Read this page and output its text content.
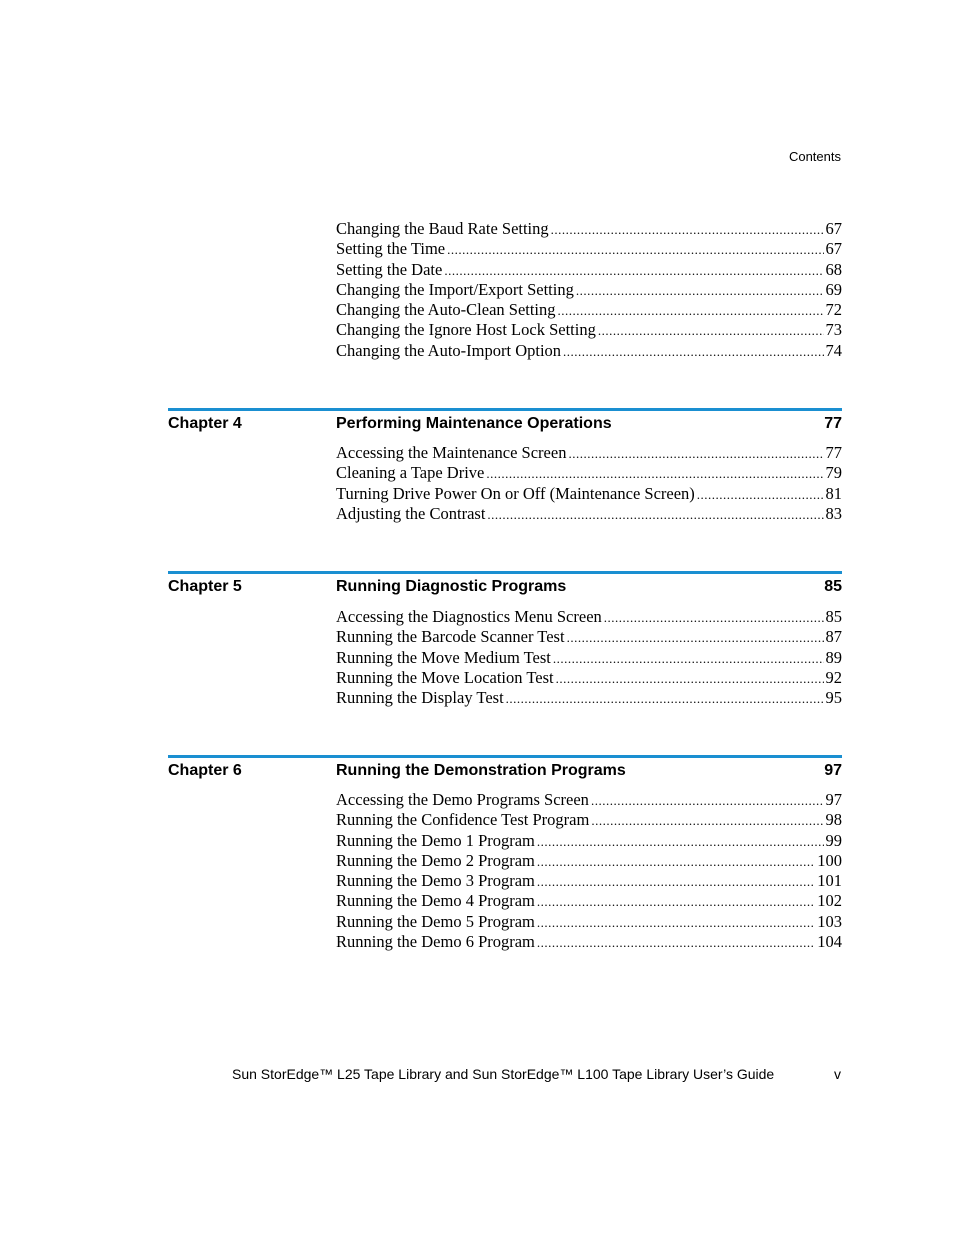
Contents
Changing the Baud Rate Setting .....	67
Setting the Time .....	67
Setting the Date .....	68
Changing the Import/Export Setting .....	69
Changing the Auto-Clean Setting .....	72
Changing the Ignore Host Lock Setting .....	73
Changing the Auto-Import Option .....	74
Chapter 4	Performing Maintenance Operations	77
Accessing the Maintenance Screen .....	77
Cleaning a Tape Drive .....	79
Turning Drive Power On or Off (Maintenance Screen) .....	81
Adjusting the Contrast .....	83
Chapter 5	Running Diagnostic Programs	85
Accessing the Diagnostics Menu Screen .....	85
Running the Barcode Scanner Test .....	87
Running the Move Medium Test .....	89
Running the Move Location Test .....	92
Running the Display Test .....	95
Chapter 6	Running the Demonstration Programs	97
Accessing the Demo Programs Screen .....	97
Running the Confidence Test Program .....	98
Running the Demo 1 Program .....	99
Running the Demo 2 Program .....	100
Running the Demo 3 Program .....	101
Running the Demo 4 Program .....	102
Running the Demo 5 Program .....	103
Running the Demo 6 Program .....	104
Sun StorEdge™ L25 Tape Library and Sun StorEdge™ L100 Tape Library User’s Guide	v
